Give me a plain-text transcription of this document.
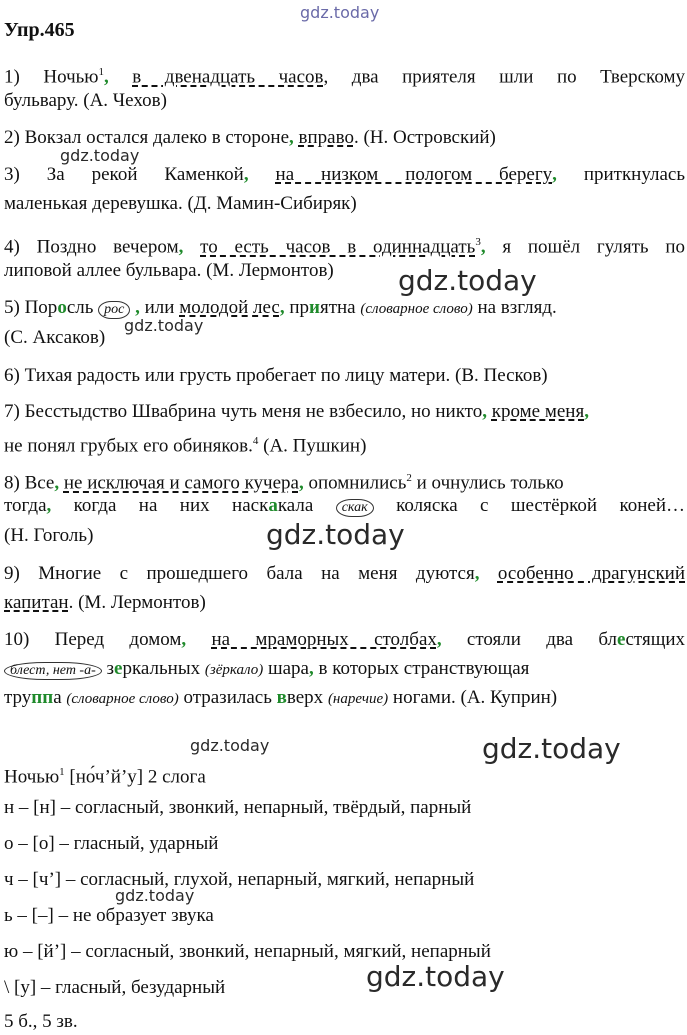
gdz.today
Упр.465
1) Ночью$^1$, в двенадцать часов, два приятеля шли по Тверскому
бульвару. (А. Чехов)
2) Вокзал остался далеко в стороне, вправо. (Н. Островский)
gdz.today
3) За рекой Каменкой, на низком пологом берегу, приткнулась
маленькая деревушка. (Д. Мамин-Сибиряк)
4) Поздно вечером, то есть часов в одиннадцать$^3$, я пошёл гулять по
липовой аллее бульвара. (М. Лермонтов) gdz.today
5) Поросль рос , или молодой лес, приятна (словарное слово) на взгляд.
(С. Аксаков)
gdz.today
6) Тихая радость или грусть пробегает по лицу матери. (В. Песков)
7) Бесстыдство Швабрина чуть меня не взбесило, но никто, кроме меня,
не понял грубых его обиняков.$^4$ (А. Пушкин)
8) Все, не исключая и самого кучера, опомнились$^2$ и очнулись только
тогда, когда на них наскакала скак коляска с шестёркой коней…
(Н. Гоголь)	gdz.today
9) Многие с прошедшего бала на меня дуются, особенно драгунский
капитан. (М. Лермонтов)
10) Перед домом, на мраморных столбах, стояли два блестящих
блест, нет -а- зеркальных (зёркало) шара, в которых странствующая
труппа (словарное слово) отразилась вверх (наречие) ногами. (А. Куприн)
gdz.today	gdz.today
Ночью$^1$ [но́ч’й’у] 2 слога
н – [н] – согласный, звонкий, непарный, твёрдый, парный
о – [о] – гласный, ударный
ч – [ч’] – согласный, глухой, непарный, мягкий, непарный
gdz.today
ь – [–] – не образует звука
ю – [й’] – согласный, звонкий, непарный, мягкий, непарный
gdz.today
\ [у] – гласный, безударный
5 б., 5 зв.
